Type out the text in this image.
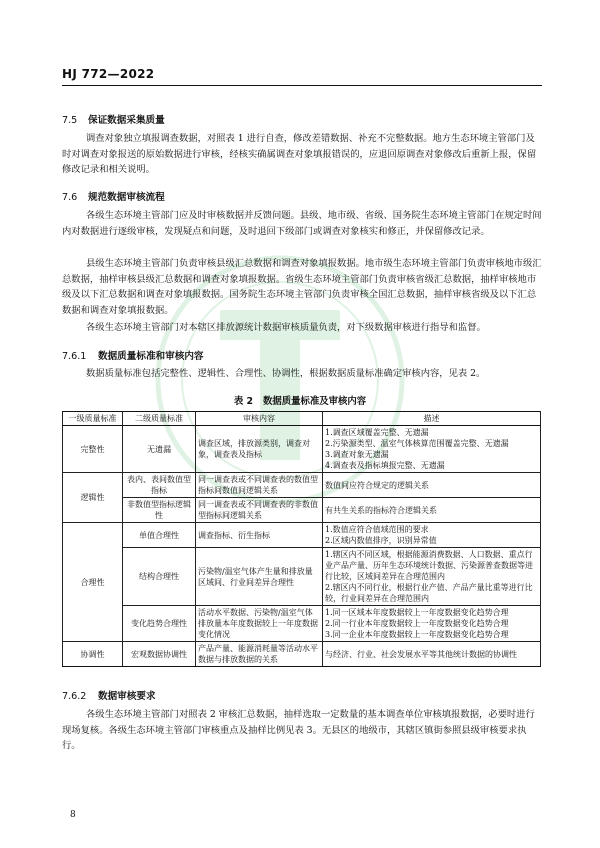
HJ 772—2022
7.5 保证数据采集质量

调查对象独立填报调查数据，对照表 1 进行自查，修改差错数据、补充不完整数据。地方生态环境主管部门及时对调查对象报送的原始数据进行审核，经核实确属调查对象填报错误的，应退回原调查对象修改后重新上报，保留修改记录和相关说明。

7.6 规范数据审核流程

各级生态环境主管部门应及时审核数据并反馈问题。县级、地市级、省级、国务院生态环境主管部门在规定时间内对数据进行逐级审核，发现疑点和问题，及时退回下级部门或调查对象核实和修正，并保留修改记录。

县级生态环境主管部门负责审核县级汇总数据和调查对象填报数据。地市级生态环境主管部门负责审核地市级汇总数据，抽样审核县级汇总数据和调查对象填报数据。省级生态环境主管部门负责审核省级汇总数据，抽样审核地市级及以下汇总数据和调查对象填报数据。国务院生态环境主管部门负责审核全国汇总数据，抽样审核省级及以下汇总数据和调查对象填报数据。

各级生态环境主管部门对本辖区排放源统计数据审核质量负责，对下级数据审核进行指导和监督。

7.6.1 数据质量标准和审核内容

数据质量标准包括完整性、逻辑性、合理性、协调性，根据数据质量标准确定审核内容，见表 2。

表 2 数据质量标准及审核内容
一级质量标准	二级质量标准	审核内容	描述
完整性	无遗漏	调查区域，排放源类别，调查对象，调查表及指标	1.调查区域覆盖完整、无遗漏
2.污染源类型、温室气体核算范围覆盖完整、无遗漏
3.调查对象无遗漏
4.调查表及指标填报完整、无遗漏

逻辑性	表内、表间数值型指标	同一调查表或不同调查表的数值型指标间数值间逻辑关系	数值间应符合规定的逻辑关系
	非数值型指标逻辑性	同一调查表或不同调查表的非数值型指标间逻辑关系	有共生关系的指标符合逻辑关系
合理性	单值合理性	调查指标、衍生指标	1.数值应符合值域范围的要求
2.区域内数值排序，识别异常值

	结构合理性	污染物/温室气体产生量和排放量区域间、行业间差异合理性	1.辖区内不同区域，根据能源消费数据、人口数据、重点行业产品产量、历年生态环境统计数据、污染源普查数据等进行比较，区域间差异在合理范围内
2.辖区内不同行业，根据行业产值、产品产量比重等进行比较，行业间差异在合理范围内

	变化趋势合理性	活动水平数据、污染物/温室气体排放量本年度数据较上一年度数据变化情况	1.同一区域本年度数据较上一年度数据变化趋势合理
2.同一行业本年度数据较上一年度数据变化趋势合理
3.同一企业本年度数据较上一年度数据变化趋势合理

协调性	宏观数据协调性	产品产量、能源消耗量等活动水平数据与排放数据的关系	与经济、行业、社会发展水平等其他统计数据的协调性
7.6.2 数据审核要求

各级生态环境主管部门对照表 2 审核汇总数据，抽样选取一定数量的基本调查单位审核填报数据，必要时进行现场复核。各级生态环境主管部门审核重点及抽样比例见表 3。无县区的地级市，其辖区镇街参照县级审核要求执行。

8
